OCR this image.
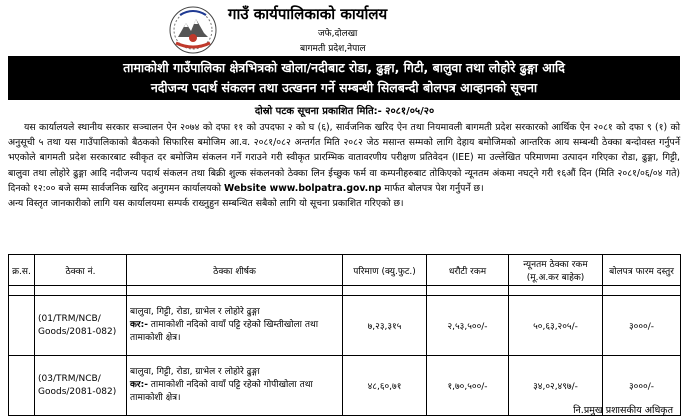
गाउँ कार्यपालिकाको कार्यालय
जफे,दोलखा
बागमती प्रदेश,नेपाल
तामाकोशी गाउँपालिका क्षेत्रभित्रको खोला/नदीबाट रोडा, ढुङ्गा, गिटी, बालुवा तथा लोहोरे ढुङ्गा आदि
नदीजन्य पदार्थ संकलन तथा उत्खनन गर्ने सम्बन्धी सिलबन्दी बोलपत्र आव्हानको सूचना
दोस्रो पटक सूचना प्रकाशित मिति:- २०८१/०५/२०

यस कार्यालयले स्थानीय सरकार सञ्चालन ऐन २०७४ को दफा ११ को उपदफा २ को घ (६), सार्वजनिक खरिद ऐन तथा नियमावली बागमती प्रदेश सरकारको आर्थिक ऐन २०८१ को दफा ९ (१) को अनुसूची ५ तथा यस गाउँपालिकाको बैठकको सिफारिस बमोजिम आ.व. २०८१/०८२ अन्तर्गत मिति २०८२ जेठ मसान्त सम्मको लागि देहाय बमोजिमको आन्तरिक आय सम्बन्धी ठेक्का बन्दोवस्त गर्नुपर्ने भएकोले बागमती प्रदेश सरकारबाट स्वीकृत दर बमोजिम संकलन गर्ने गराउने गरी स्वीकृत प्रारम्भिक वातावरणीय परीक्षण प्रतिवेदन (IEE) मा उल्लेखित परिमाणमा उत्पादन गरिएका रोडा, ढुङ्गा, गिट्टी, बालुवा तथा लोहोरे ढुङ्गा आदि नदीजन्य पदार्थ संकलन तथा बिक्री शुल्क संकलनको ठेक्का लिन ईच्छुक फर्म वा कम्पनीहरुबाट तोकिएको न्यूनतम अंकमा नघट्ने गरी १६औं दिन (मिति २०८१/०६/०४ गते) दिनको १२:०० बजे सम्म सार्वजनिक खरिद अनुगमन कार्यालयको Website www.bolpatra.gov.np मार्फत बोलपत्र पेश गर्नुपर्ने छ।

अन्य विस्तृत जानकारीको लागि यस कार्यालयमा सम्पर्क राख्नुहुन सम्बन्धित सबैको लागि यो सूचना प्रकाशित गरिएको छ।

क्र.स.	ठेक्का नं.	ठेक्का शीर्षक	परिमाण (क्यु.फुट.)	धरौटी रकम	न्यूनतम ठेक्का रकम (मू.अ.कर बाहेक)	बोलपत्र फारम दस्तुर

	(01/TRM/NCB/ Goods/2081-082)	बालुवा, गिट्टी, रोडा, ग्राभेल र लोहोरे ढुङ्गा
कर:- तामाकोशी नदिको वायाँ पट्टि रहेको खिम्तीखोला तथा तामाकोशी क्षेत्र।	७,२३,३१५	२,५३,५००/-	५०,६३,२०५/-	३०००/-
	(03/TRM/NCB/ Goods/2081-082)	बालुवा, गिट्टी, रोडा, ग्राभेल र लोहोरे ढुङ्गा
कर:- तामाकोशी नदिको वायाँ पट्टि रहेको गोपीखोला तथा तामाकोशी क्षेत्र।	४८,६०,७१	१,७०,५००/-	३४,०२,४९७/-	३०००/-
नि.प्रमुख प्रशासकीय अधिकृत
